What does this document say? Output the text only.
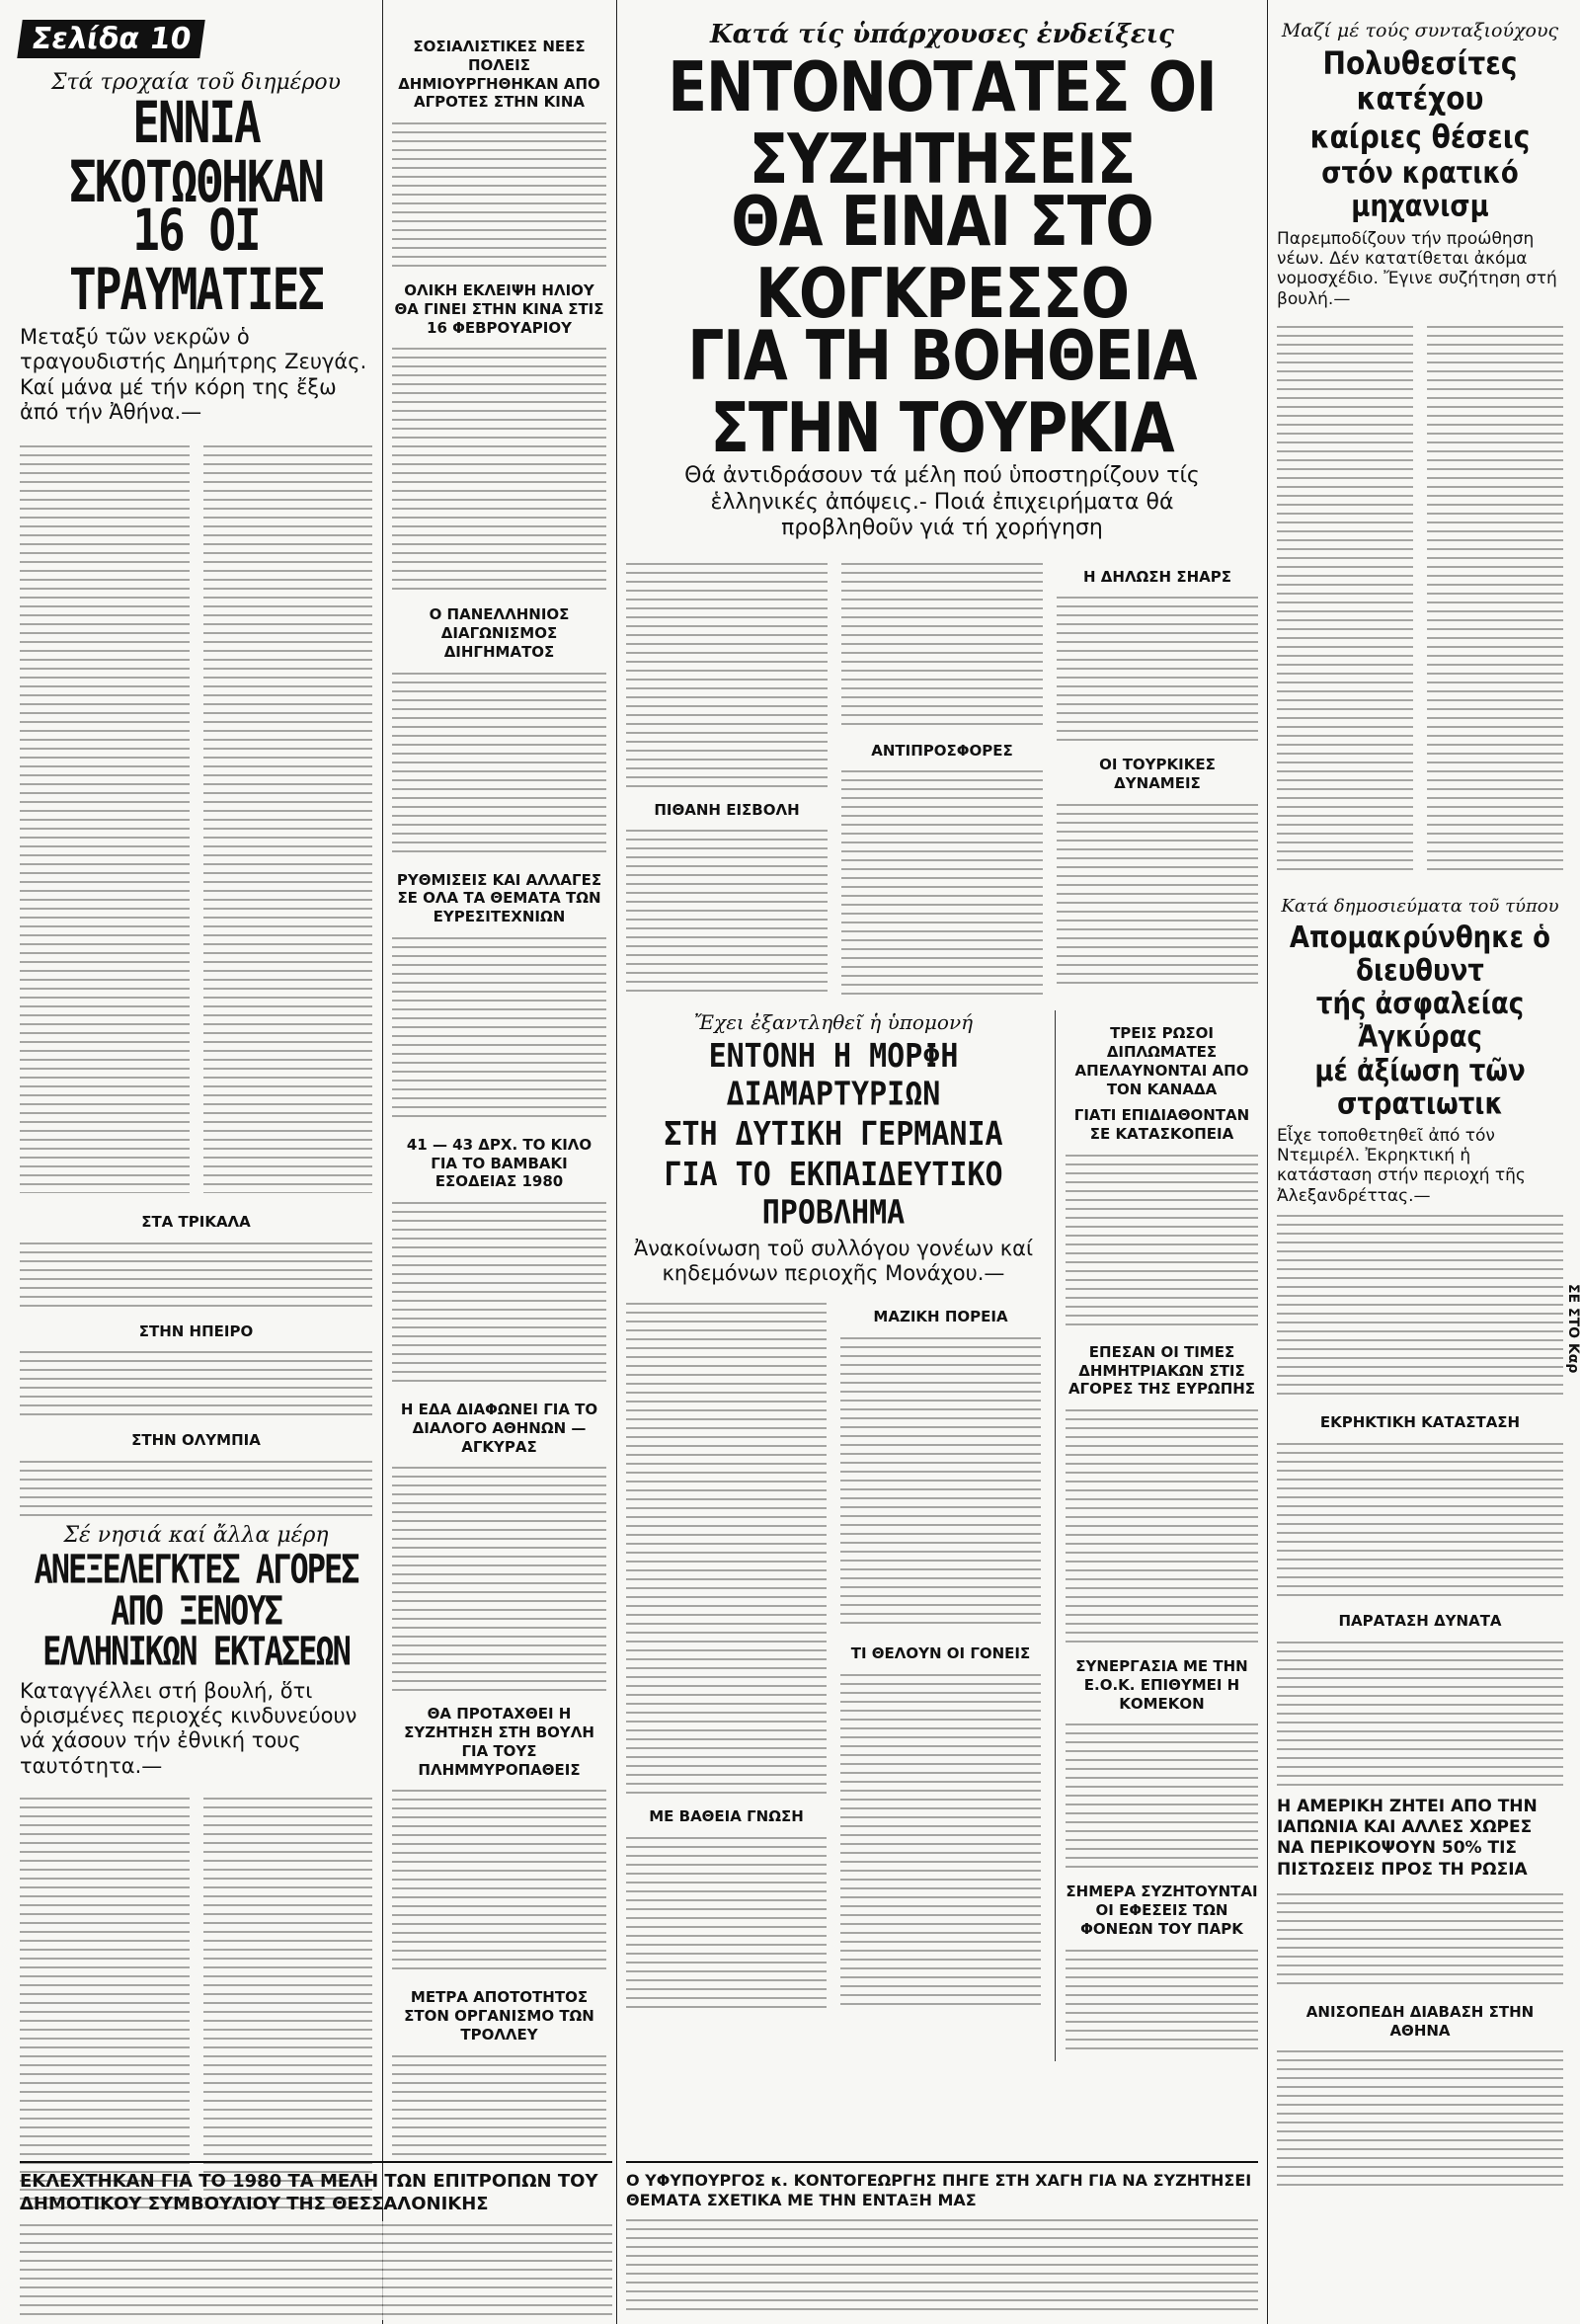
Σελίδα 10
Στά τροχαία τοῦ διημέρου
ΕΝΝΙΑ ΣΚΟΤΩΘΗΚΑΝ
16 ΟΙ ΤΡΑΥΜΑΤΙΕΣ
Μεταξύ τῶν νεκρῶν ὁ τραγουδιστής Δημήτρης Ζευγάς. Καί μάνα μέ τήν κόρη της ἔξω ἀπό τήν Ἀθήνα.—
ΣΤΑ ΤΡΙΚΑΛΑ
ΣΤΗΝ ΗΠΕΙΡΟ
ΣΤΗΝ ΟΛΥΜΠΙΑ
Σέ νησιά καί ἄλλα μέρη
ΑΝΕΞΕΛΕΓΚΤΕΣ ΑΓΟΡΕΣ
ΑΠΟ ΞΕΝΟΥΣ
ΕΛΛΗΝΙΚΩΝ ΕΚΤΑΣΕΩΝ
Καταγγέλλει στή βουλή, ὅτι ὁρισμένες περιοχές κινδυνεύουν νά χάσουν τήν ἐθνική τους ταυτότητα.—
ΣΟΣΙΑΛΙΣΤΙΚΕΣ ΝΕΕΣ ΠΟΛΕΙΣ ΔΗΜΙΟΥΡΓΗΘΗΚΑΝ ΑΠΟ ΑΓΡΟΤΕΣ ΣΤΗΝ ΚΙΝΑ
ΟΛΙΚΗ ΕΚΛΕΙΨΗ ΗΛΙΟΥ ΘΑ ΓΙΝΕΙ ΣΤΗΝ ΚΙΝΑ ΣΤΙΣ 16 ΦΕΒΡΟΥΑΡΙΟΥ
Ο ΠΑΝΕΛΛΗΝΙΟΣ ΔΙΑΓΩΝΙΣΜΟΣ ΔΙΗΓΗΜΑΤΟΣ
ΡΥΘΜΙΣΕΙΣ ΚΑΙ ΑΛΛΑΓΕΣ ΣΕ ΟΛΑ ΤΑ ΘΕΜΑΤΑ ΤΩΝ ΕΥΡΕΣΙΤΕΧΝΙΩΝ
41 — 43 ΔΡΧ. ΤΟ ΚΙΛΟ ΓΙΑ ΤΟ ΒΑΜΒΑΚΙ ΕΣΟΔΕΙΑΣ 1980
Η ΕΔΑ ΔΙΑΦΩΝΕΙ ΓΙΑ ΤΟ ΔΙΑΛΟΓΟ ΑΘΗΝΩΝ — ΑΓΚΥΡΑΣ
ΘΑ ΠΡΟΤΑΧΘΕΙ Η ΣΥΖΗΤΗΣΗ ΣΤΗ ΒΟΥΛΗ ΓΙΑ ΤΟΥΣ ΠΛΗΜΜΥΡΟΠΑΘΕΙΣ
ΜΕΤΡΑ ΑΠΟΤΟΤΗΤΟΣ ΣΤΟΝ ΟΡΓΑΝΙΣΜΟ ΤΩΝ ΤΡΟΛΛΕΥ
Κατά τίς ὑπάρχουσες ἐνδείξεις
ΕΝΤΟΝΟΤΑΤΕΣ ΟΙ ΣΥΖΗΤΗΣΕΙΣ
ΘΑ ΕΙΝΑΙ ΣΤΟ ΚΟΓΚΡΕΣΣΟ
ΓΙΑ ΤΗ ΒΟΗΘΕΙΑ ΣΤΗΝ ΤΟΥΡΚΙΑ
Θά ἀντιδράσουν τά μέλη πού ὑποστηρίζουν τίς ἑλληνικές ἀπόψεις.- Ποιά ἐπιχειρήματα θά προβληθοῦν γιά τή χορήγηση
ΠΙΘΑΝΗ ΕΙΣΒΟΛΗ
ΑΝΤΙΠΡΟΣΦΟΡΕΣ
Η ΔΗΛΩΣΗ ΣΗΑΡΣ
ΟΙ ΤΟΥΡΚΙΚΕΣ ΔΥΝΑΜΕΙΣ
Ἔχει ἐξαντληθεῖ ἡ ὑπομονή
ΕΝΤΟΝΗ Η ΜΟΡΦΗ ΔΙΑΜΑΡΤΥΡΙΩΝ
ΣΤΗ ΔΥΤΙΚΗ ΓΕΡΜΑΝΙΑ
ΓΙΑ ΤΟ ΕΚΠΑΙΔΕΥΤΙΚΟ ΠΡΟΒΛΗΜΑ
Ἀνακοίνωση τοῦ συλλόγου γονέων καί κηδεμόνων περιοχῆς Μονάχου.—
ΜΕ ΒΑΘΕΙΑ ΓΝΩΣΗ
ΜΑΖΙΚΗ ΠΟΡΕΙΑ
ΤΙ ΘΕΛΟΥΝ ΟΙ ΓΟΝΕΙΣ
ΤΡΕΙΣ ΡΩΣΟΙ ΔΙΠΛΩΜΑΤΕΣ ΑΠΕΛΑΥΝΟΝΤΑΙ ΑΠΟ ΤΟΝ ΚΑΝΑΔΑ
ΓΙΑΤΙ ΕΠΙΔΙΑΘΟΝΤΑΝ ΣΕ ΚΑΤΑΣΚΟΠΕΙΑ
ΕΠΕΣΑΝ ΟΙ ΤΙΜΕΣ ΔΗΜΗΤΡΙΑΚΩΝ ΣΤΙΣ ΑΓΟΡΕΣ ΤΗΣ ΕΥΡΩΠΗΣ
ΣΥΝΕΡΓΑΣΙΑ ΜΕ ΤΗΝ Ε.Ο.Κ. ΕΠΙΘΥΜΕΙ Η ΚΟΜΕΚΟΝ
ΣΗΜΕΡΑ ΣΥΖΗΤΟΥΝΤΑΙ ΟΙ ΕΦΕΣΕΙΣ ΤΩΝ ΦΟΝΕΩΝ ΤΟΥ ΠΑΡΚ
Μαζί μέ τούς συνταξιούχους
Πολυθεσίτες κατέχου
καίριες θέσεις
στόν κρατικό μηχανισμ
Παρεμποδίζουν τήν προώθηση νέων. Δέν κατατίθεται ἀκόμα νομοσχέδιο. Ἔγινε συζήτηση στή βουλή.—
Κατά δημοσιεύματα τοῦ τύπου
Απομακρύνθηκε ὁ διευθυντ
τής ἀσφαλείας Ἀγκύρας
μέ ἀξίωση τῶν στρατιωτικ
Εἶχε τοποθετηθεῖ ἀπό τόν Ντεμιρέλ. Ἐκρηκτική ἡ κατάσταση στήν περιοχή τῆς Ἀλεξανδρέττας.—
ΕΚΡΗΚΤΙΚΗ ΚΑΤΑΣΤΑΣΗ
ΠΑΡΑΤΑΣΗ ΔΥΝΑΤΑ
Η ΑΜΕΡΙΚΗ ΖΗΤΕΙ ΑΠΟ ΤΗΝ ΙΑΠΩΝΙΑ ΚΑΙ ΑΛΛΕΣ ΧΩΡΕΣ ΝΑ ΠΕΡΙΚΟΨΟΥΝ 50% ΤΙΣ ΠΙΣΤΩΣΕΙΣ ΠΡΟΣ ΤΗ ΡΩΣΙΑ
ΑΝΙΣΟΠΕΔΗ ΔΙΑΒΑΣΗ ΣΤΗΝ ΑΘΗΝΑ
ΕΚΛΕΧΤΗΚΑΝ ΓΙΑ ΤΟ 1980 ΤΑ ΜΕΛΗ ΤΩΝ ΕΠΙΤΡΟΠΩΝ ΤΟΥ ΔΗΜΟΤΙΚΟΥ ΣΥΜΒΟΥΛΙΟΥ ΤΗΣ ΘΕΣΣΑΛΟΝΙΚΗΣ
Ο ΥΦΥΠΟΥΡΓΟΣ κ. ΚΟΝΤΟΓΕΩΡΓΗΣ ΠΗΓΕ ΣΤΗ ΧΑΓΗ ΓΙΑ ΝΑ ΣΥΖΗΤΗΣΕΙ ΘΕΜΑΤΑ ΣΧΕΤΙΚΑ ΜΕ ΤΗΝ ΕΝΤΑΞΗ ΜΑΣ
ΣΕ ΣΤΟ Καρ
